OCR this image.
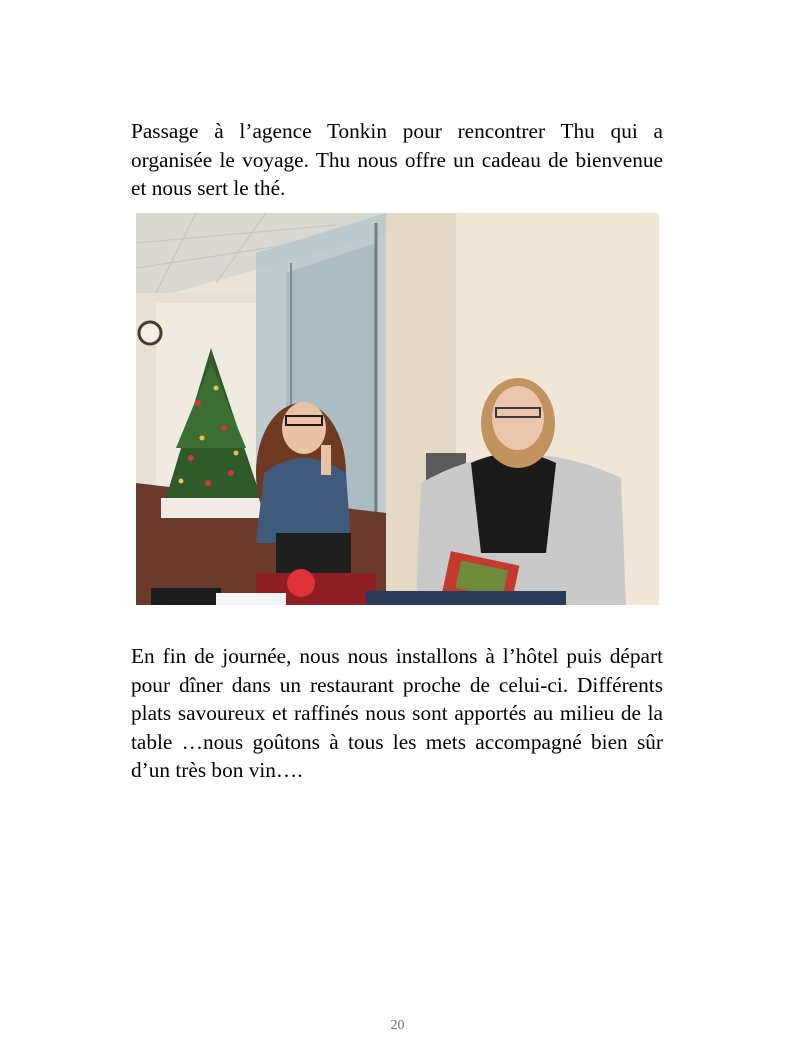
Passage à l’agence Tonkin pour rencontrer Thu qui a organisée le voyage. Thu nous offre un cadeau de bienvenue et nous sert le thé.

En fin de journée, nous nous installons à l’hôtel puis départ pour dîner dans un restaurant proche de celui-ci. Différents plats savoureux et raffinés nous sont apportés au milieu de la table …nous goûtons à tous les mets accompagné bien sûr d’un très bon vin….

20
